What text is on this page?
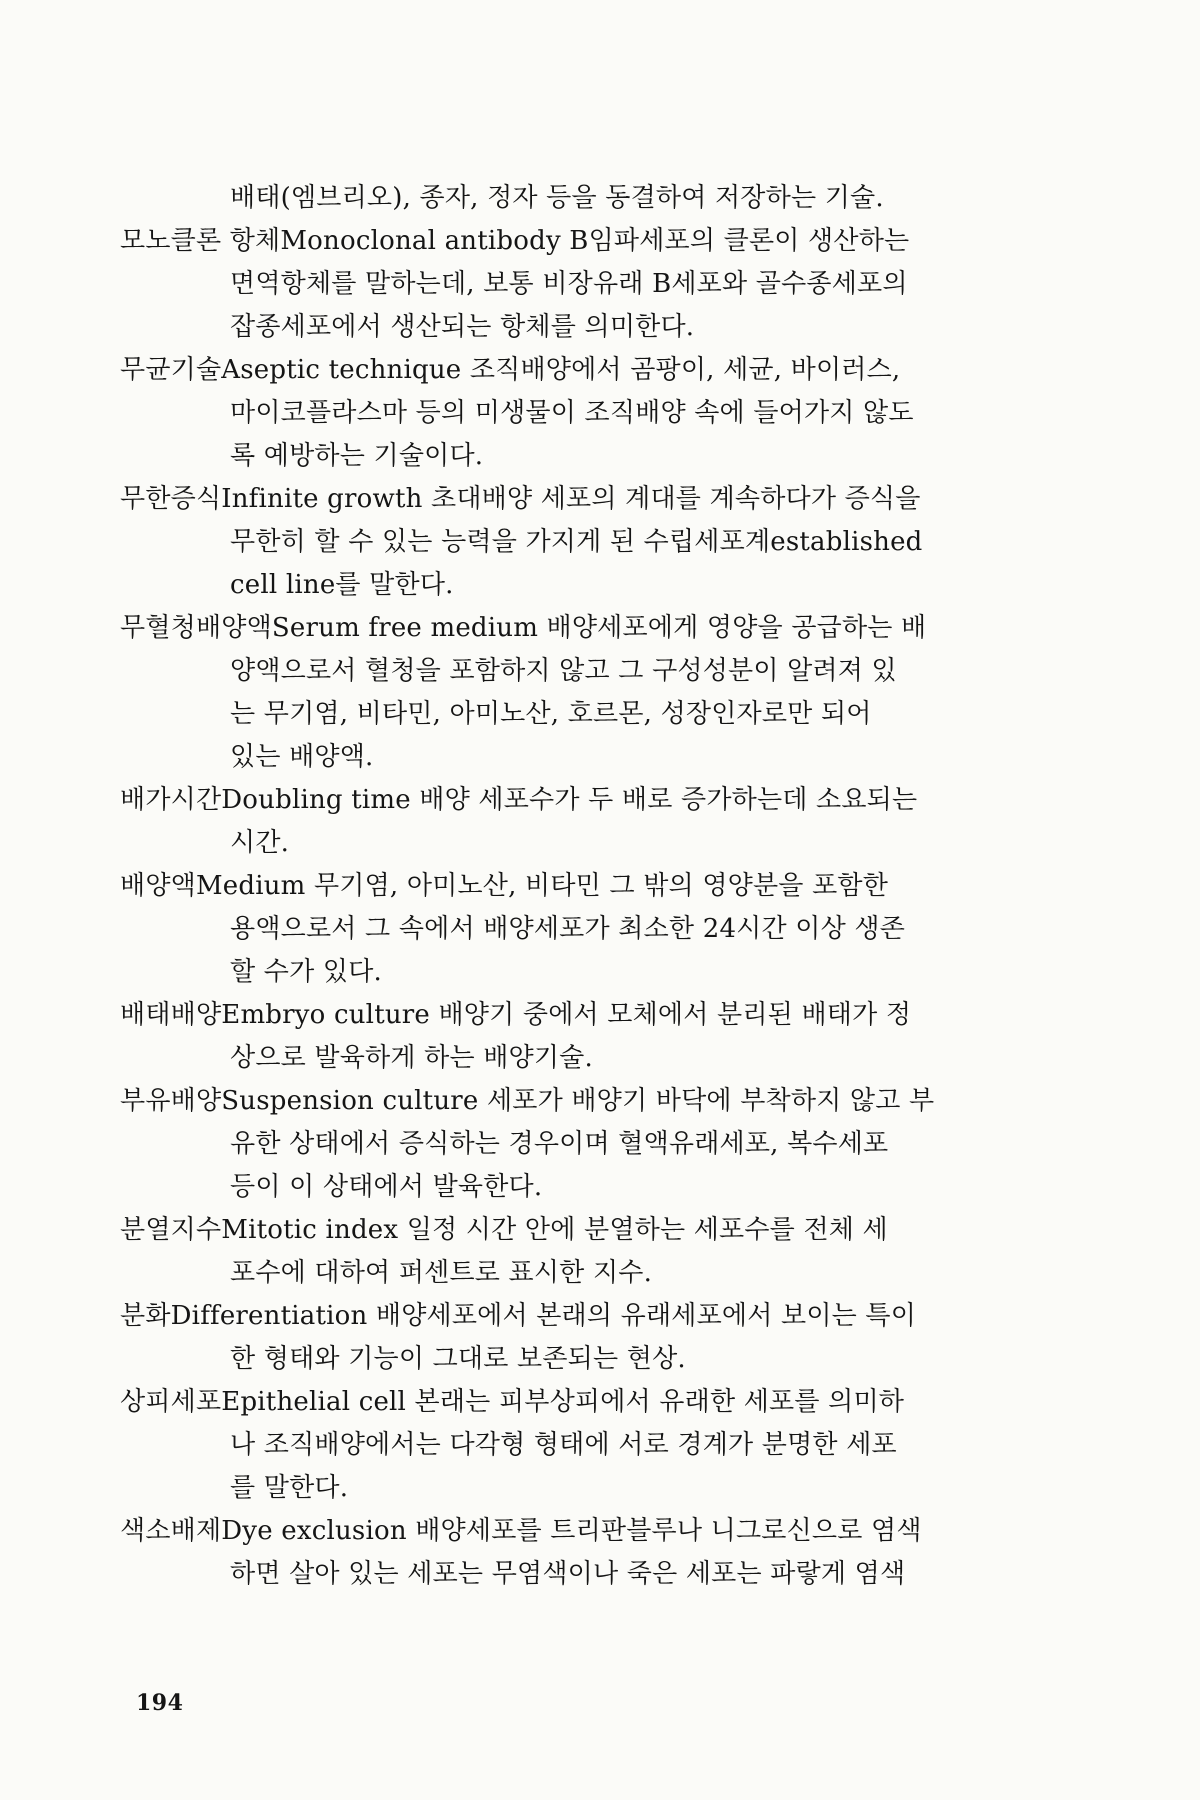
배태(엠브리오), 종자, 정자 등을 동결하여 저장하는 기술.
모노클론 항체Monoclonal antibody B임파세포의 클론이 생산하는
면역항체를 말하는데, 보통 비장유래 B세포와 골수종세포의
잡종세포에서 생산되는 항체를 의미한다.
무균기술Aseptic technique 조직배양에서 곰팡이, 세균, 바이러스,
마이코플라스마 등의 미생물이 조직배양 속에 들어가지 않도
록 예방하는 기술이다.
무한증식Infinite growth 초대배양 세포의 계대를 계속하다가 증식을
무한히 할 수 있는 능력을 가지게 된 수립세포계established
cell line를 말한다.
무혈청배양액Serum free medium 배양세포에게 영양을 공급하는 배
양액으로서 혈청을 포함하지 않고 그 구성성분이 알려져 있
는 무기염, 비타민, 아미노산, 호르몬, 성장인자로만 되어
있는 배양액.
배가시간Doubling time 배양 세포수가 두 배로 증가하는데 소요되는
시간.
배양액Medium 무기염, 아미노산, 비타민 그 밖의 영양분을 포함한
용액으로서 그 속에서 배양세포가 최소한 24시간 이상 생존
할 수가 있다.
배태배양Embryo culture 배양기 중에서 모체에서 분리된 배태가 정
상으로 발육하게 하는 배양기술.
부유배양Suspension culture 세포가 배양기 바닥에 부착하지 않고 부
유한 상태에서 증식하는 경우이며 혈액유래세포, 복수세포
등이 이 상태에서 발육한다.
분열지수Mitotic index 일정 시간 안에 분열하는 세포수를 전체 세
포수에 대하여 퍼센트로 표시한 지수.
분화Differentiation 배양세포에서 본래의 유래세포에서 보이는 특이
한 형태와 기능이 그대로 보존되는 현상.
상피세포Epithelial cell 본래는 피부상피에서 유래한 세포를 의미하
나 조직배양에서는 다각형 형태에 서로 경계가 분명한 세포
를 말한다.
색소배제Dye exclusion 배양세포를 트리판블루나 니그로신으로 염색
하면 살아 있는 세포는 무염색이나 죽은 세포는 파랗게 염색
194
